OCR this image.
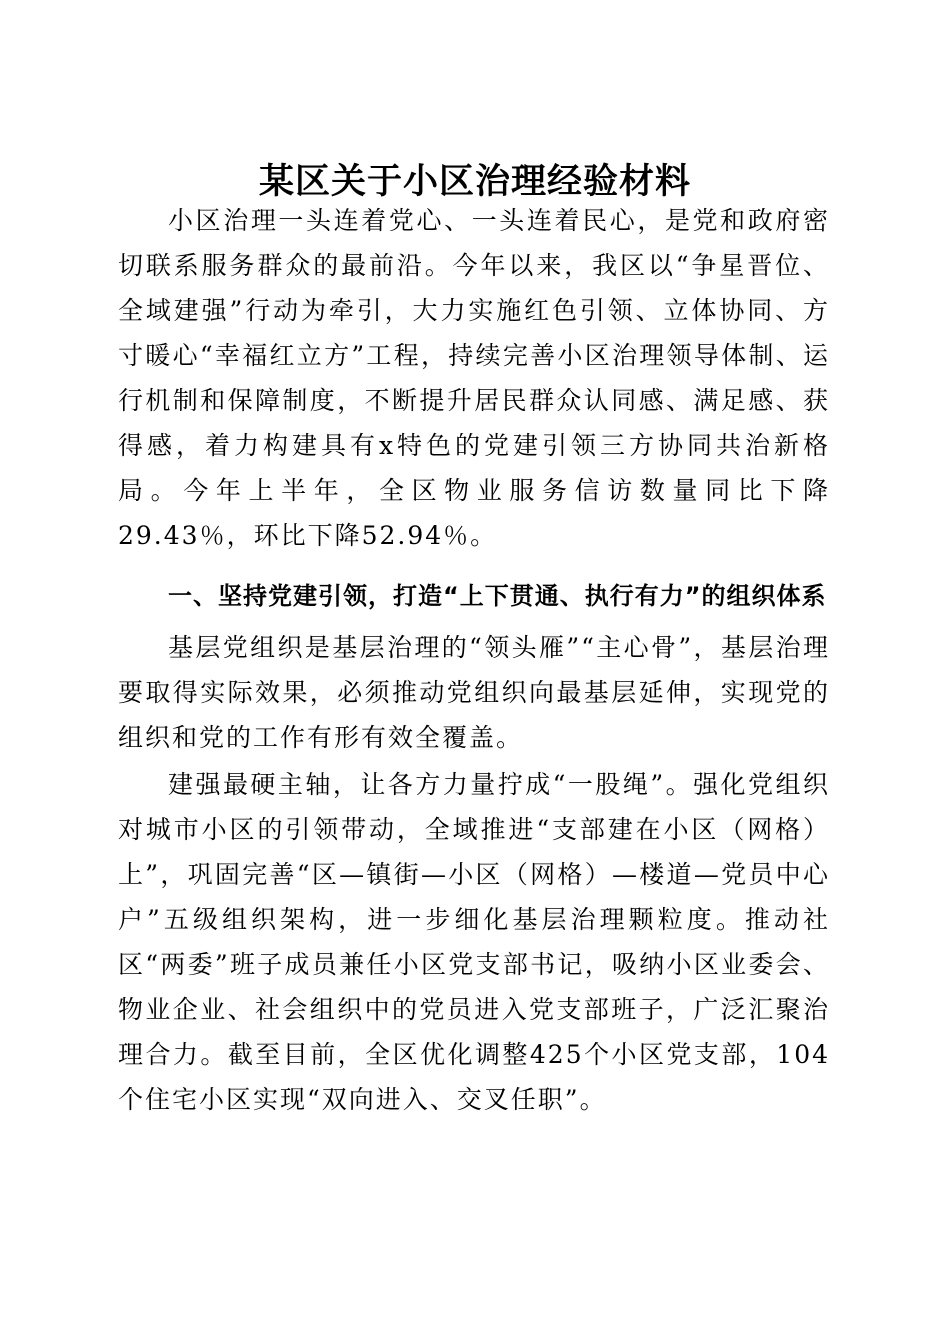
某区关于小区治理经验材料

小区治理一头连着党心、一头连着民心，是党和政府密切联系服务群众的最前沿。今年以来，我区以“争星晋位、全域建强”行动为牵引，大力实施红色引领、立体协同、方寸暖心“幸福红立方”工程，持续完善小区治理领导体制、运行机制和保障制度，不断提升居民群众认同感、满足感、获得感，着力构建具有x特色的党建引领三方协同共治新格局。今年上半年，全区物业服务信访数量同比下降29.43％，环比下降52.94％。

一、坚持党建引领，打造“上下贯通、执行有力”的组织体系

基层党组织是基层治理的“领头雁”“主心骨”，基层治理要取得实际效果，必须推动党组织向最基层延伸，实现党的组织和党的工作有形有效全覆盖。

建强最硬主轴，让各方力量拧成“一股绳”。强化党组织对城市小区的引领带动，全域推进“支部建在小区（网格）上”，巩固完善“区—镇街—小区（网格）—楼道—党员中心户”五级组织架构，进一步细化基层治理颗粒度。推动社区“两委”班子成员兼任小区党支部书记，吸纳小区业委会、物业企业、社会组织中的党员进入党支部班子，广泛汇聚治理合力。截至目前，全区优化调整425个小区党支部，104个住宅小区实现“双向进入、交叉任职”。
